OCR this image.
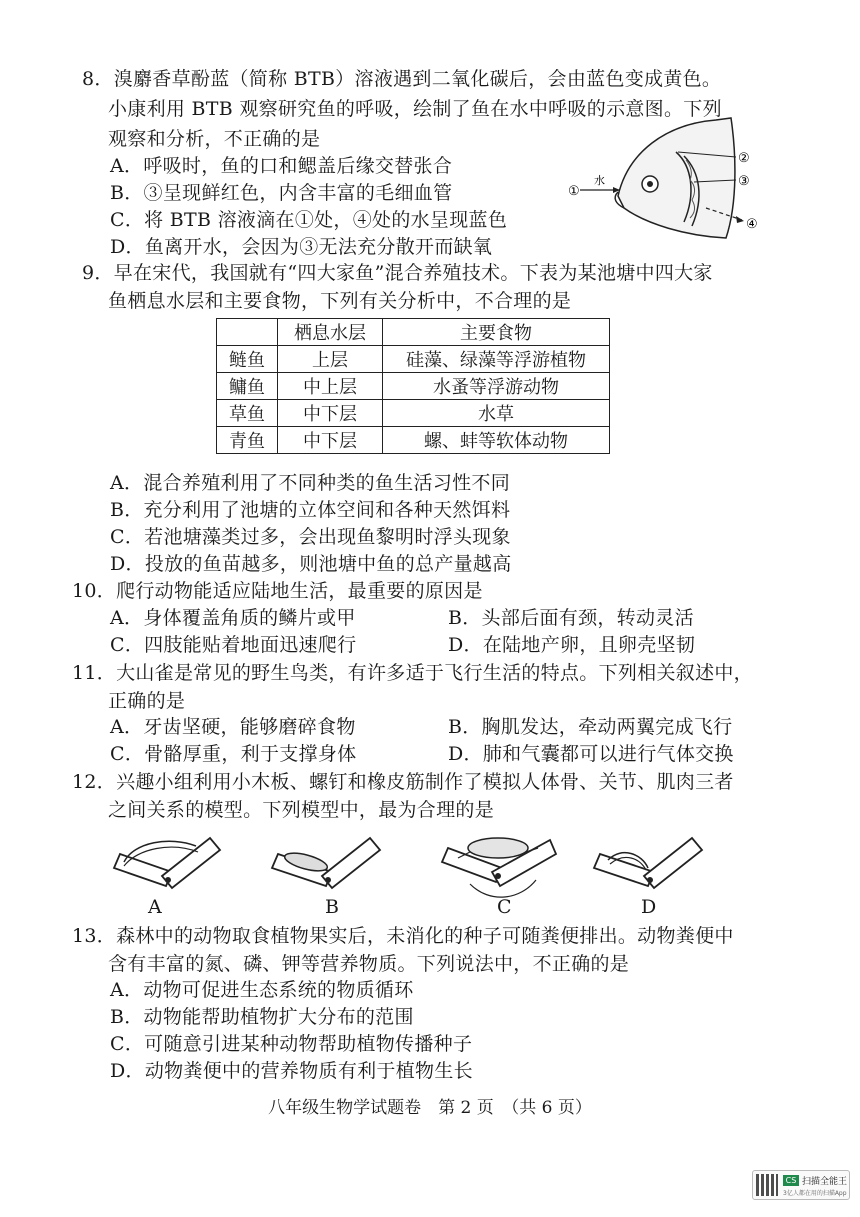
8．溴麝香草酚蓝（简称 BTB）溶液遇到二氧化碳后，会由蓝色变成黄色。
小康利用 BTB 观察研究鱼的呼吸，绘制了鱼在水中呼吸的示意图。下列
观察和分析，不正确的是
A．呼吸时，鱼的口和鳃盖后缘交替张合
B．③呈现鲜红色，内含丰富的毛细血管
C．将 BTB 溶液滴在①处，④处的水呈现蓝色
D．鱼离开水，会因为③无法充分散开而缺氧
①
水
②
③
④
9．早在宋代，我国就有“四大家鱼”混合养殖技术。下表为某池塘中四大家
鱼栖息水层和主要食物，下列有关分析中，不合理的是
	栖息水层	主要食物
鲢鱼	上层	硅藻、绿藻等浮游植物
鳙鱼	中上层	水蚤等浮游动物
草鱼	中下层	水草
青鱼	中下层	螺、蚌等软体动物
A．混合养殖利用了不同种类的鱼生活习性不同
B．充分利用了池塘的立体空间和各种天然饵料
C．若池塘藻类过多，会出现鱼黎明时浮头现象
D．投放的鱼苗越多，则池塘中鱼的总产量越高
10．爬行动物能适应陆地生活，最重要的原因是
A．身体覆盖角质的鳞片或甲	B．头部后面有颈，转动灵活
C．四肢能贴着地面迅速爬行	D．在陆地产卵，且卵壳坚韧
11．大山雀是常见的野生鸟类，有许多适于飞行生活的特点。下列相关叙述中，
正确的是
A．牙齿坚硬，能够磨碎食物	B．胸肌发达，牵动两翼完成飞行
C．骨骼厚重，利于支撑身体	D．肺和气囊都可以进行气体交换
12．兴趣小组利用小木板、螺钉和橡皮筋制作了模拟人体骨、关节、肌肉三者
之间关系的模型。下列模型中，最为合理的是
A	B	C	D
13．森林中的动物取食植物果实后，未消化的种子可随粪便排出。动物粪便中
含有丰富的氮、磷、钾等营养物质。下列说法中，不正确的是
A．动物可促进生态系统的物质循环
B．动物能帮助植物扩大分布的范围
C．可随意引进某种动物帮助植物传播种子
D．动物粪便中的营养物质有利于植物生长
八年级生物学试题卷　第 2 页　（共 6 页）
CS 扫描全能王
3亿人都在用的扫描App
